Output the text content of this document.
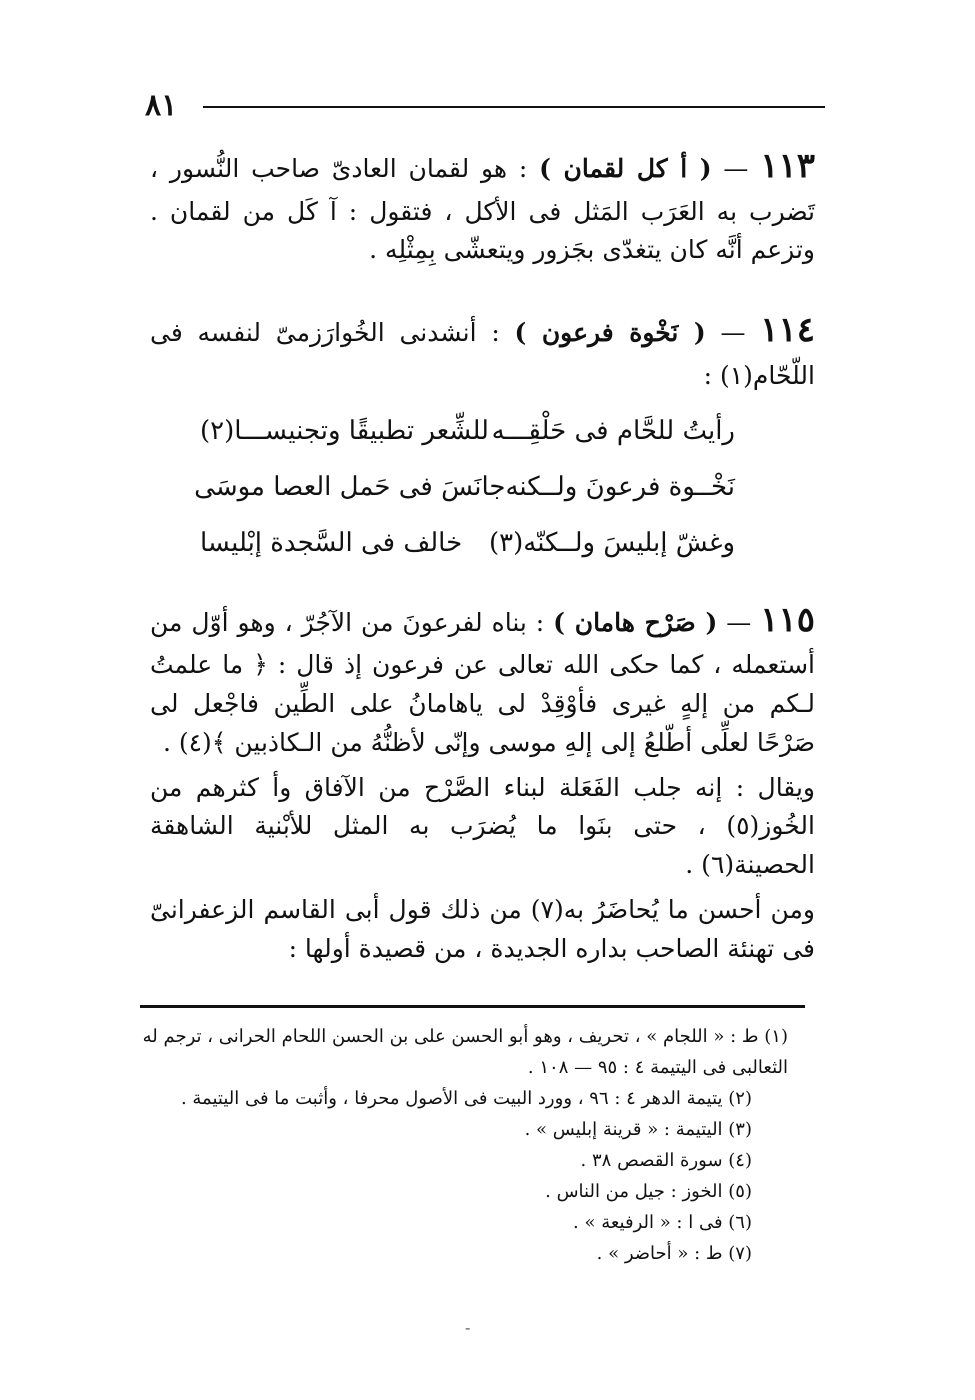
٨١
١١٣ — ( أ كل لقمان ) : هو لقمان العادىّ صاحب النُّسور ، تَضرب به العَرَب المَثل فى الأكل ، فتقول : آ كَل من لقمان . وتزعم أنَّه كان يتغدّى بجَزور ويتعشّى بِمِثْلِه .
١١٤ — ( نَخْوة فرعون ) : أنشدنى الخُوارَزمىّ لنفسه فى اللّحّام(١) :
رأيتُ للحَّام فى حَلْقِـــه
للشِّعر تطبيقًا وتجنيســـا(٢)
نَخْــوة فرعونَ ولــكنه
جانَسَ فى حَمل العصا موسَى
وغشّ إبليسَ ولــكنّه(٣)
خالف فى السَّجدة إبْليسا
١١٥ — ( صَرْح هامان ) : بناه لفرعونَ من الآجُرّ ، وهو أوّل من أستعمله ، كما حكى الله تعالى عن فرعون إذ قال : ﴿ ما علمتُ لـكم من إلهٍ غيرى فأوْقِدْ لى ياهامانُ على الطِّين فاجْعل لى صَرْحًا لعلِّى أطّلعُ إلى إلهِ موسى وإنّى لأظنُّهُ من الـكاذبين ﴾(٤) .
ويقال : إنه جلب الفَعَلة لبناء الصَّرْح من الآفاق وأ كثرهم من الخُوز(٥) ، حتى بنَوا ما يُضرَب به المثل للأبْنية الشاهقة الحصينة(٦) .
ومن أحسن ما يُحاضَرُ به(٧) من ذلك قول أبى القاسم الزعفرانىّ فى تهنئة الصاحب بداره الجديدة ، من قصيدة أولها :

(١) ط : « اللجام » ، تحريف ، وهو أبو الحسن على بن الحسن اللحام الحرانى ، ترجم له الثعالبى فى اليتيمة ٤ : ٩٥ — ١٠٨ .

(٢) يتيمة الدهر ٤ : ٩٦ ، وورد البيت فى الأصول محرفا ، وأثبت ما فى اليتيمة .

(٣) اليتيمة : « قرينة إبليس » .

(٤) سورة القصص ٣٨ .

(٥) الخوز : جيل من الناس .

(٦) فى ا : « الرفيعة » .

(٧) ط : « أحاضر » .

-
